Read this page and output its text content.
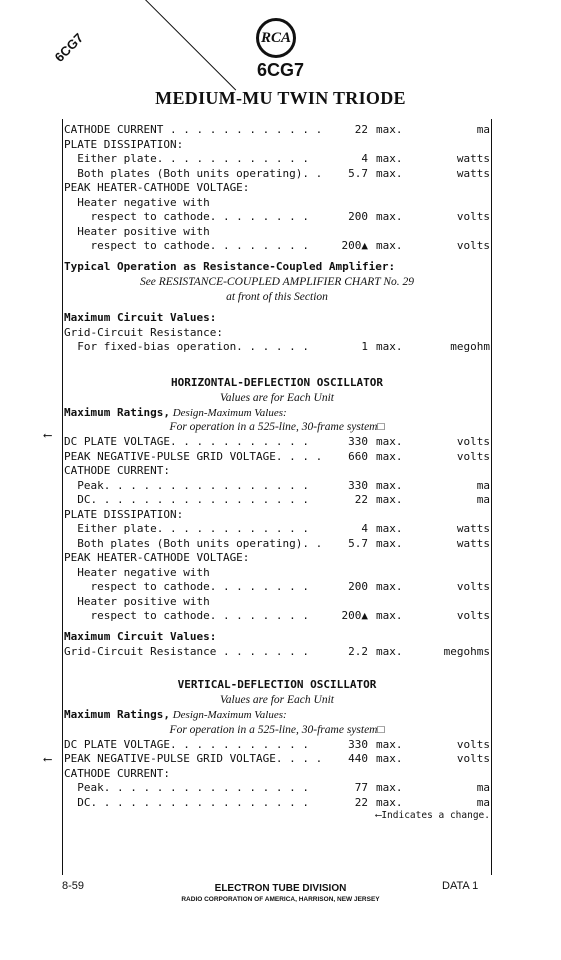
6CG7	RCA
6CG7
MEDIUM-MU TWIN TRIODE
⟵
⟵
CATHODE CURRENT . . . . . . . . . . . .	22 max.	ma
PLATE DISSIPATION:
Either plate. . . . . . . . . . . .	4 max.	watts
Both plates (Both units operating). .	5.7 max.	watts
PEAK HEATER-CATHODE VOLTAGE:
Heater negative with
respect to cathode. . . . . . . .	200 max.	volts
Heater positive with
respect to cathode. . . . . . . .	200▲ max.	volts
Typical Operation as Resistance-Coupled Amplifier:
See RESISTANCE-COUPLED AMPLIFIER CHART No. 29
at front of this Section
Maximum Circuit Values:
Grid-Circuit Resistance:
For fixed-bias operation. . . . . .	1 max.	megohm
HORIZONTAL-DEFLECTION OSCILLATOR
Values are for Each Unit
Maximum Ratings, Design-Maximum Values:
For operation in a 525-line, 30-frame system□
DC PLATE VOLTAGE. . . . . . . . . . .	330 max.	volts
PEAK NEGATIVE-PULSE GRID VOLTAGE. . . .	660 max.	volts
CATHODE CURRENT:
Peak. . . . . . . . . . . . . . . .	330 max.	ma
DC. . . . . . . . . . . . . . . . .	22 max.	ma
PLATE DISSIPATION:
Either plate. . . . . . . . . . . .	4 max.	watts
Both plates (Both units operating). .	5.7 max.	watts
PEAK HEATER-CATHODE VOLTAGE:
Heater negative with
respect to cathode. . . . . . . .	200 max.	volts
Heater positive with
respect to cathode. . . . . . . .	200▲ max.	volts
Maximum Circuit Values:
Grid-Circuit Resistance . . . . . . .	2.2 max.	megohms
VERTICAL-DEFLECTION OSCILLATOR
Values are for Each Unit
Maximum Ratings, Design-Maximum Values:
For operation in a 525-line, 30-frame system□
DC PLATE VOLTAGE. . . . . . . . . . .	330 max.	volts
PEAK NEGATIVE-PULSE GRID VOLTAGE. . . .	440 max.	volts
CATHODE CURRENT:
Peak. . . . . . . . . . . . . . . .	77 max.	ma
DC. . . . . . . . . . . . . . . . .	22 max.	ma
⟵Indicates a change.
8-59	ELECTRON TUBE DIVISION
RADIO CORPORATION OF AMERICA, HARRISON, NEW JERSEY
DATA 1
